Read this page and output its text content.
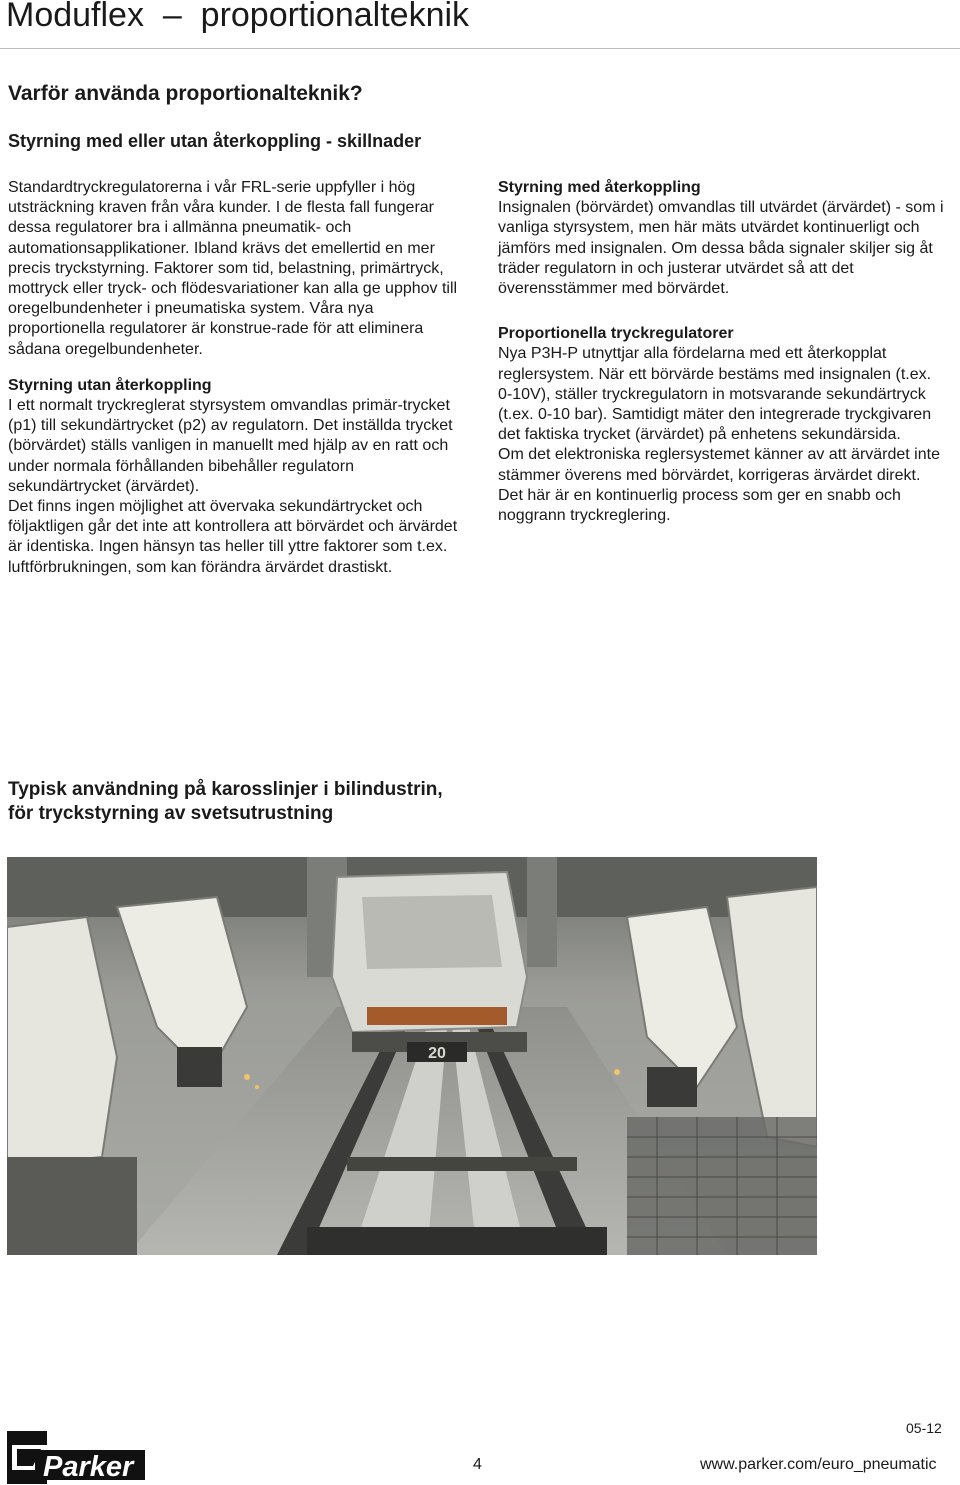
Moduflex  –  proportionalteknik
Varför använda proportionalteknik?
Styrning med eller utan återkoppling - skillnader

Standardtryckregulatorerna i vår FRL-serie uppfyller i hög utsträckning kraven från våra kunder. I de flesta fall fungerar dessa regulatorer bra i allmänna pneumatik- och automationsapplikationer. Ibland krävs det emellertid en mer precis tryckstyrning. Faktorer som tid, belastning, primärtryck, mottryck eller tryck- och flödesvariationer kan alla ge upphov till oregelbundenheter i pneumatiska system. Våra nya proportionella regulatorer är konstrue-rade för att eliminera sådana oregelbundenheter.

Styrning utan återkoppling

I ett normalt tryckreglerat styrsystem omvandlas primär-trycket (p1) till sekundärtrycket (p2) av regulatorn. Det inställda trycket (börvärdet) ställs vanligen in manuellt med hjälp av en ratt och under normala förhållanden bibehåller regulatorn sekundärtrycket (ärvärdet).

Det finns ingen möjlighet att övervaka sekundärtrycket och följaktligen går det inte att kontrollera att börvärdet och ärvärdet är identiska. Ingen hänsyn tas heller till yttre faktorer som t.ex. luftförbrukningen, som kan förändra ärvärdet drastiskt.

Styrning med återkoppling

Insignalen (börvärdet) omvandlas till utvärdet (ärvärdet) - som i vanliga styrsystem, men här mäts utvärdet kontinuerligt och jämförs med insignalen. Om dessa båda signaler skiljer sig åt träder regulatorn in och justerar utvärdet så att det överensstämmer med börvärdet.

Proportionella tryckregulatorer

Nya P3H-P utnyttjar alla fördelarna med ett återkopplat reglersystem. När ett börvärde bestäms med insignalen (t.ex. 0-10V), ställer tryckregulatorn in motsvarande sekundärtryck (t.ex. 0-10 bar). Samtidigt mäter den integrerade tryckgivaren det faktiska trycket (ärvärdet) på enhetens sekundärsida.

Om det elektroniska reglersystemet känner av att ärvärdet inte stämmer överens med börvärdet, korrigeras ärvärdet direkt. Det här är en kontinuerlig process som ger en snabb och noggrann tryckreglering.

Typisk användning på karosslinjer i bilindustrin,
för tryckstyrning av svetsutrustning

20
05-12
Parker	4	www.parker.com/euro_pneumatic
